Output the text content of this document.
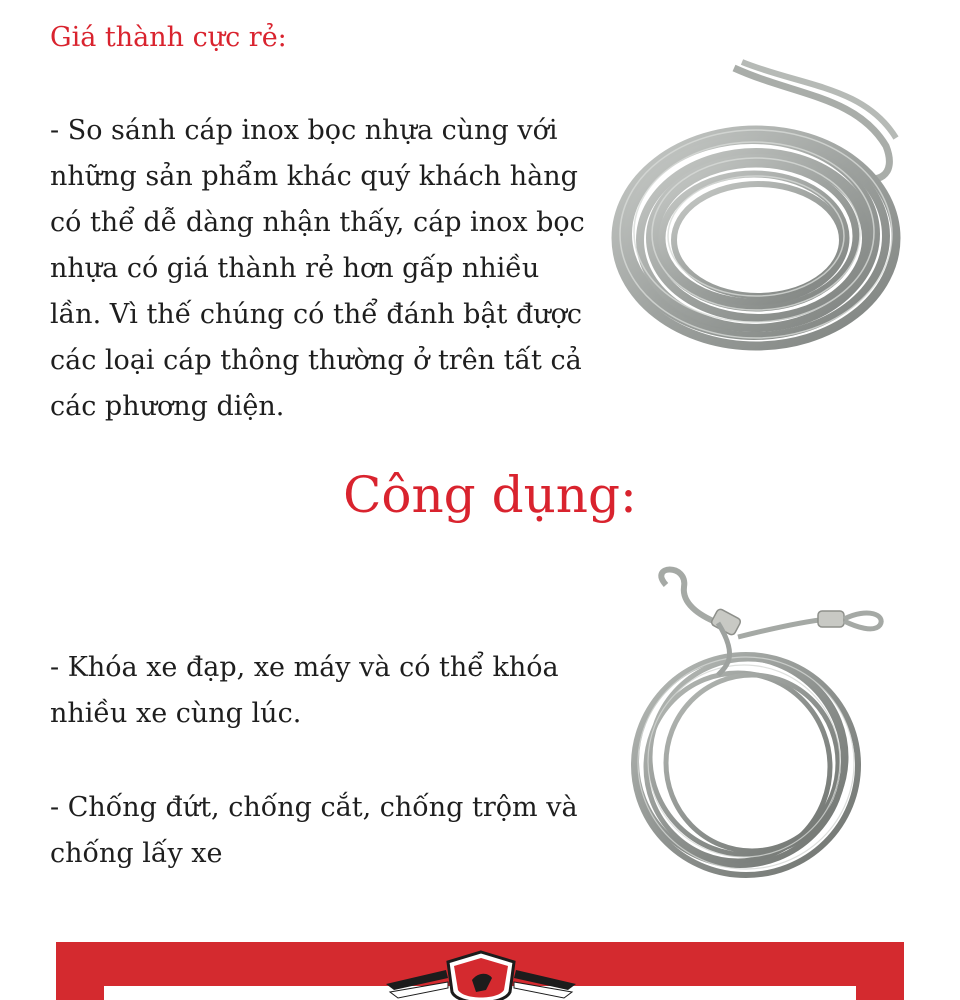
Giá thành cực rẻ:
- So sánh cáp inox bọc nhựa cùng với
những sản phẩm khác quý khách hàng
có thể dễ dàng nhận thấy, cáp inox bọc
nhựa có giá thành rẻ hơn gấp nhiều
lần. Vì thế chúng có thể đánh bật được
các loại cáp thông thường ở trên tất cả
các phương diện.
Công dụng:
- Khóa xe đạp, xe máy và có thể khóa
nhiều xe cùng lúc.
- Chống đứt, chống cắt, chống trộm và
chống lấy xe
